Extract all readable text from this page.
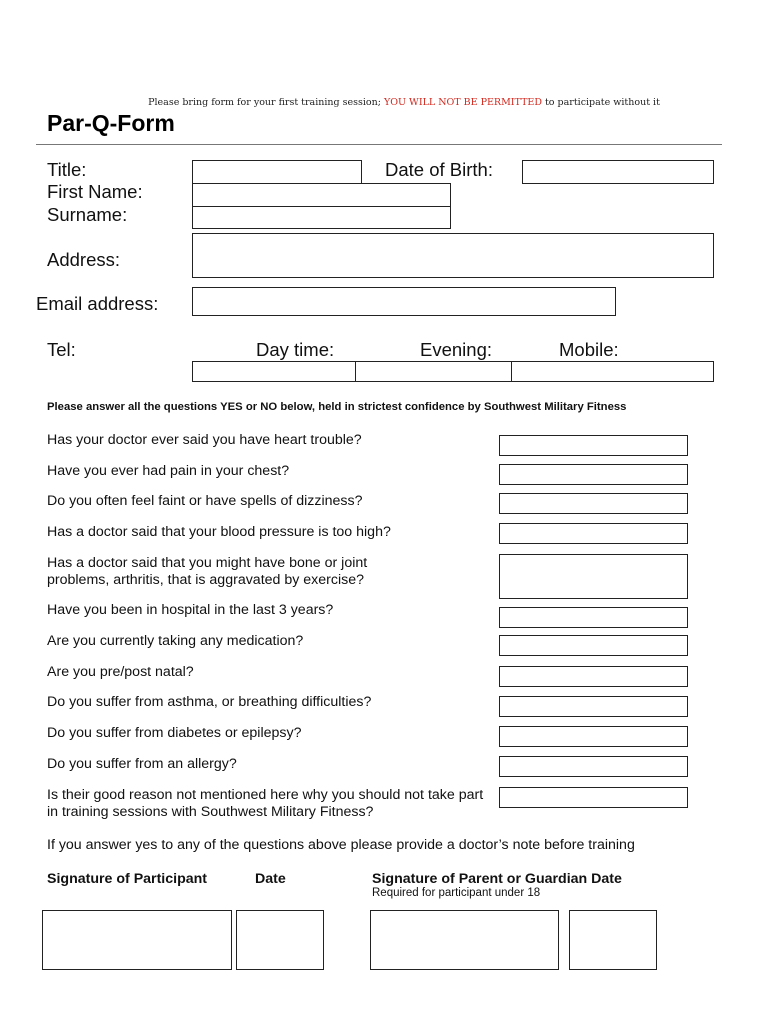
Please bring form for your first training session; YOU WILL NOT BE PERMITTED to participate without it
Par-Q-Form
Title:	Date of Birth:
First Name:
Surname:
Address:
Email address:
Tel:	Day time:	Evening:	Mobile:
Please answer all the questions YES or NO below, held in strictest confidence by Southwest Military Fitness
Has your doctor ever said you have heart trouble?
Have you ever had pain in your chest?
Do you often feel faint or have spells of dizziness?
Has a doctor said that your blood pressure is too high?
Has a doctor said that you might have bone or joint problems, arthritis, that is aggravated by exercise?
Have you been in hospital in the last 3 years?
Are you currently taking any medication?
Are you pre/post natal?
Do you suffer from asthma, or breathing difficulties?
Do you suffer from diabetes or epilepsy?
Do you suffer from an allergy?
Is their good reason not mentioned here why you should not take part in training sessions with Southwest Military Fitness?
If you answer yes to any of the questions above please provide a doctor’s note before training
Signature of Participant	Date	Signature of Parent or Guardian Date
Required for participant under 18
